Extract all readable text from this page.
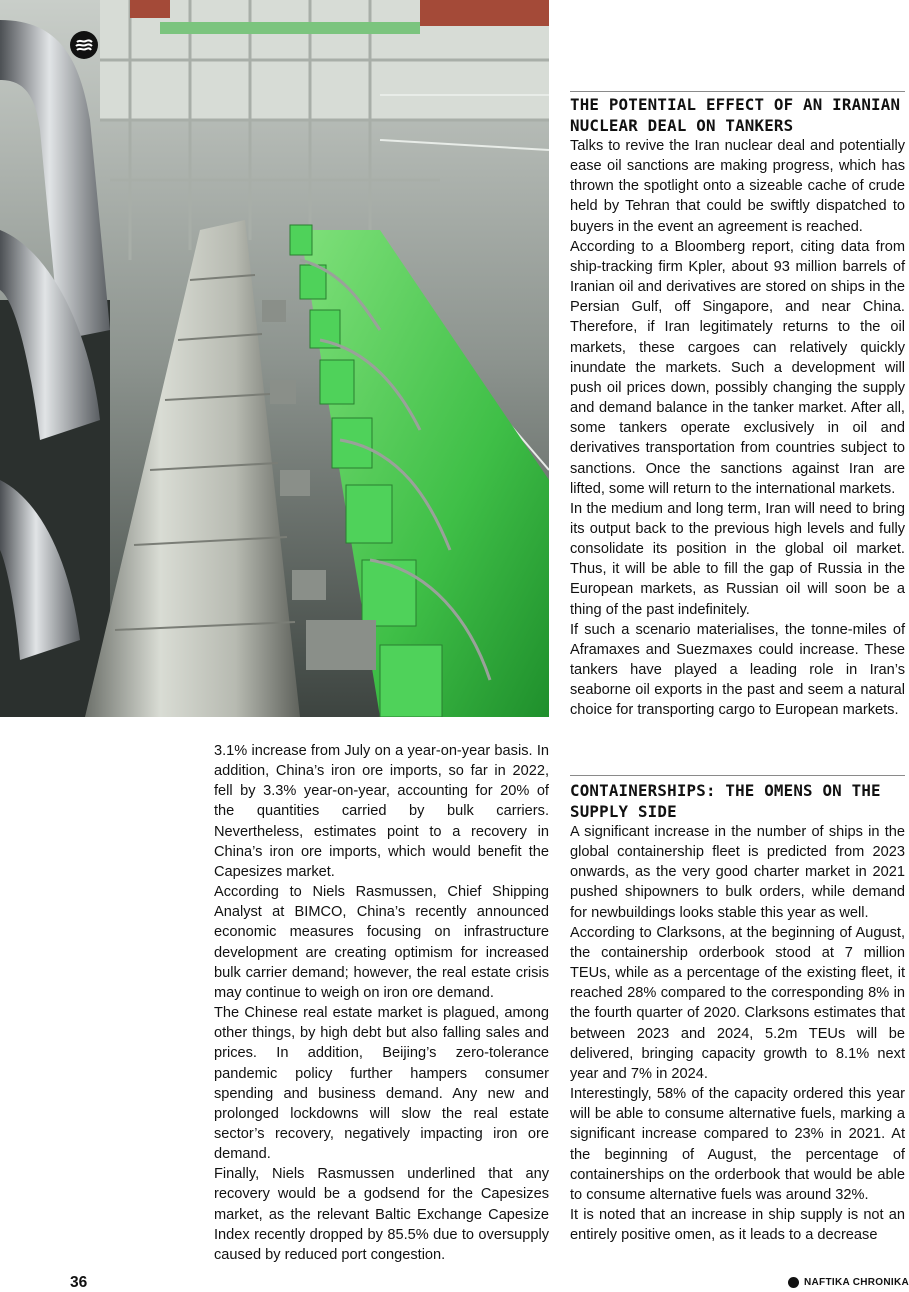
3.1% increase from July on a year-on-year basis. In addition, China’s iron ore imports, so far in 2022, fell by 3.3% year-on-year, accounting for 20% of the quantities carried by bulk carriers. Nevertheless, estimates point to a recovery in China’s iron ore imports, which would benefit the Capesizes market.

According to Niels Rasmussen, Chief Shipping Analyst at BIMCO, China’s recently announced economic measures focusing on infrastructure development are creating optimism for increased bulk carrier demand; however, the real estate crisis may continue to weigh on iron ore demand.

The Chinese real estate market is plagued, among other things, by high debt but also falling sales and prices. In addition, Beijing’s zero-tolerance pandemic policy further hampers consumer spending and business demand. Any new and prolonged lockdowns will slow the real estate sector’s recovery, negatively impacting iron ore demand.

Finally, Niels Rasmussen underlined that any recovery would be a godsend for the Capesizes market, as the relevant Baltic Exchange Capesize Index recently dropped by 85.5% due to oversupply caused by reduced port congestion.

THE POTENTIAL EFFECT OF AN IRANIAN NUCLEAR DEAL ON TANKERS

Talks to revive the Iran nuclear deal and potentially ease oil sanctions are making progress, which has thrown the spotlight onto a sizeable cache of crude held by Tehran that could be swiftly dispatched to buyers in the event an agreement is reached.

According to a Bloomberg report, citing data from ship-tracking firm Kpler, about 93 million barrels of Iranian oil and derivatives are stored on ships in the Persian Gulf, off Singapore, and near China. Therefore, if Iran legitimately returns to the oil markets, these cargoes can relatively quickly inundate the markets. Such a development will push oil prices down, possibly changing the supply and demand balance in the tanker market. After all, some tankers operate exclusively in oil and derivatives transportation from countries subject to sanctions. Once the sanctions against Iran are lifted, some will return to the international markets.

In the medium and long term, Iran will need to bring its output back to the previous high levels and fully consolidate its position in the global oil market. Thus, it will be able to fill the gap of Russia in the European markets, as Russian oil will soon be a thing of the past indefinitely.

If such a scenario materialises, the tonne-miles of Aframaxes and Suezmaxes could increase. These tankers have played a leading role in Iran’s seaborne oil exports in the past and seem a natural choice for transporting cargo to European markets.

CONTAINERSHIPS: THE OMENS ON THE SUPPLY SIDE

A significant increase in the number of ships in the global containership fleet is predicted from 2023 onwards, as the very good charter market in 2021 pushed shipowners to bulk orders, while demand for newbuildings looks stable this year as well.

According to Clarksons, at the beginning of August, the containership orderbook stood at 7 million TEUs, while as a percentage of the existing fleet, it reached 28% compared to the corresponding 8% in the fourth quarter of 2020. Clarksons estimates that between 2023 and 2024, 5.2m TEUs will be delivered, bringing capacity growth to 8.1% next year and 7% in 2024.

Interestingly, 58% of the capacity ordered this year will be able to consume alternative fuels, marking a significant increase compared to 23% in 2021. At the beginning of August, the percentage of containerships on the orderbook that would be able to consume alternative fuels was around 32%.

It is noted that an increase in ship supply is not an entirely positive omen, as it leads to a decrease

36	NAFTIKA CHRONIKA
